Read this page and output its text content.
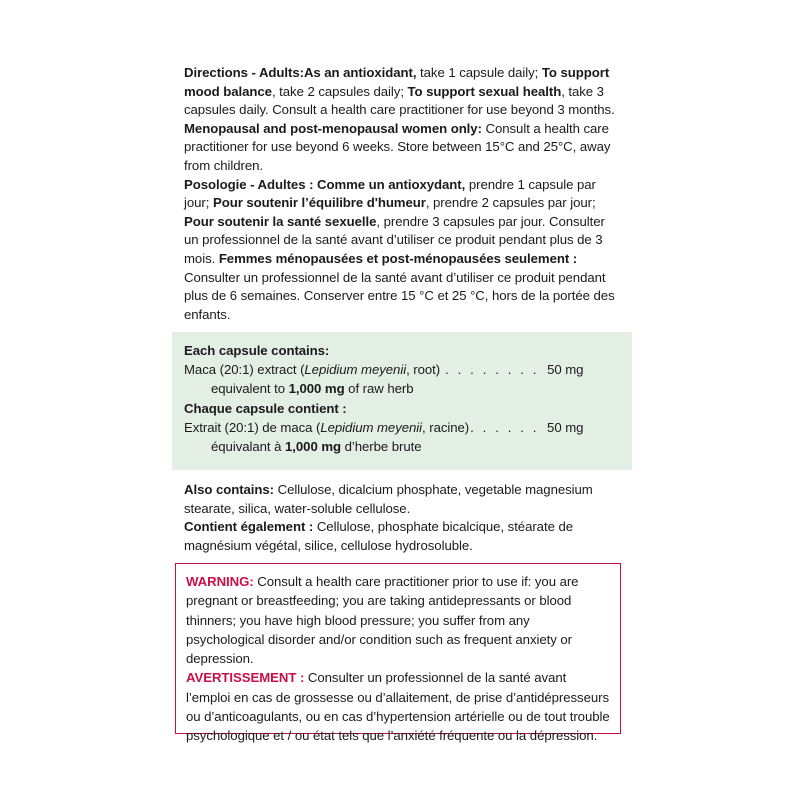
Directions - Adults:As an antioxidant, take 1 capsule daily; To support mood balance, take 2 capsules daily; To support sexual health, take 3 capsules daily. Consult a health care practitioner for use beyond 3 months. Menopausal and post-menopausal women only: Consult a health care practitioner for use beyond 6 weeks. Store between 15°C and 25°C, away from children.
Posologie - Adultes : Comme un antioxydant, prendre 1 capsule par jour; Pour soutenir l’équilibre d'humeur, prendre 2 capsules par jour; Pour soutenir la santé sexuelle, prendre 3 capsules par jour. Consulter un professionnel de la santé avant d’utiliser ce produit pendant plus de 3 mois. Femmes ménopausées et post-ménopausées seulement : Consulter un professionnel de la santé avant d’utiliser ce produit pendant plus de 6 semaines. Conserver entre 15 °C et 25 °C, hors de la portée des enfants.
Each capsule contains:
Maca (20:1) extract (Lepidium meyenii, root) . . . . . . . . 50 mg
equivalent to 1,000 mg of raw herb
Chaque capsule contient :
Extrait (20:1) de maca (Lepidium meyenii, racine). . . . . . 50 mg
équivalant à 1,000 mg d’herbe brute
Also contains: Cellulose, dicalcium phosphate, vegetable magnesium stearate, silica, water-soluble cellulose.
Contient également : Cellulose, phosphate bicalcique, stéarate de magnésium végétal, silice, cellulose hydrosoluble.
WARNING: Consult a health care practitioner prior to use if: you are pregnant or breastfeeding; you are taking antidepressants or blood thinners; you have high blood pressure; you suffer from any psychological disorder and/or condition such as frequent anxiety or depression.
AVERTISSEMENT : Consulter un professionnel de la santé avant l’emploi en cas de grossesse ou d’allaitement, de prise d’antidépresseurs ou d’anticoagulants, ou en cas d’hypertension artérielle ou de tout trouble psychologique et / ou état tels que l’anxiété fréquente ou la dépression.
